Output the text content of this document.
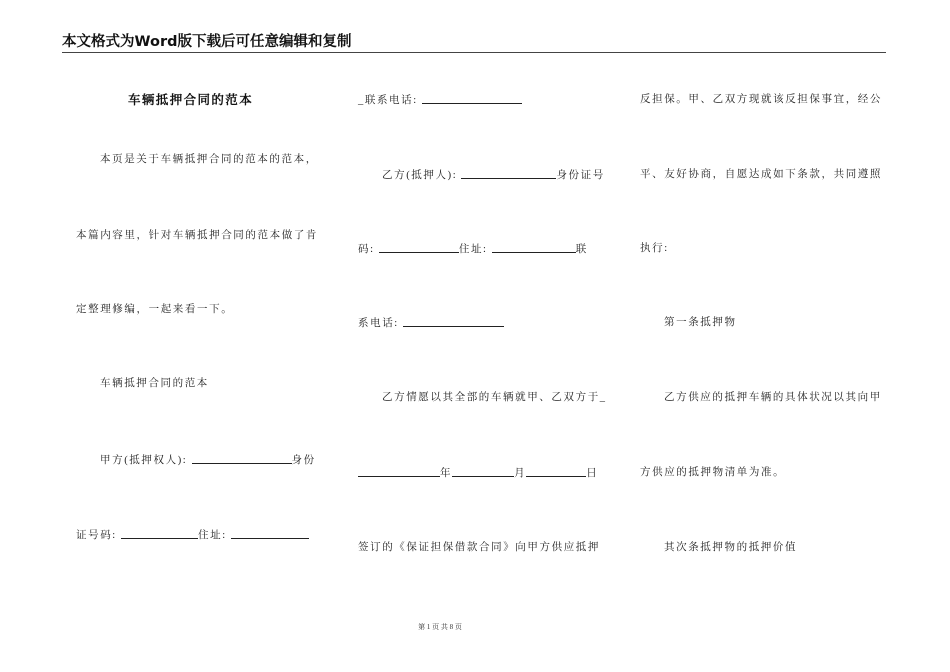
本文格式为Word版下载后可任意编辑和复制
车辆抵押合同的范本
本页是关于车辆抵押合同的范本的范本，
本篇内容里，针对车辆抵押合同的范本做了肯
定整理修编，一起来看一下。
车辆抵押合同的范本
甲方(抵押权人):	身份
证号码:	住址:
_联系电话:
乙方(抵押人):	身份证号
码:	住址:	联
系电话:
乙方情愿以其全部的车辆就甲、乙双方于_
年	月	日
签订的《保证担保借款合同》向甲方供应抵押
反担保。甲、乙双方现就该反担保事宜，经公
平、友好协商，自愿达成如下条款，共同遵照
执行:
第一条抵押物
乙方供应的抵押车辆的具体状况以其向甲
方供应的抵押物清单为准。
其次条抵押物的抵押价值
第 1 页 共 8 页
